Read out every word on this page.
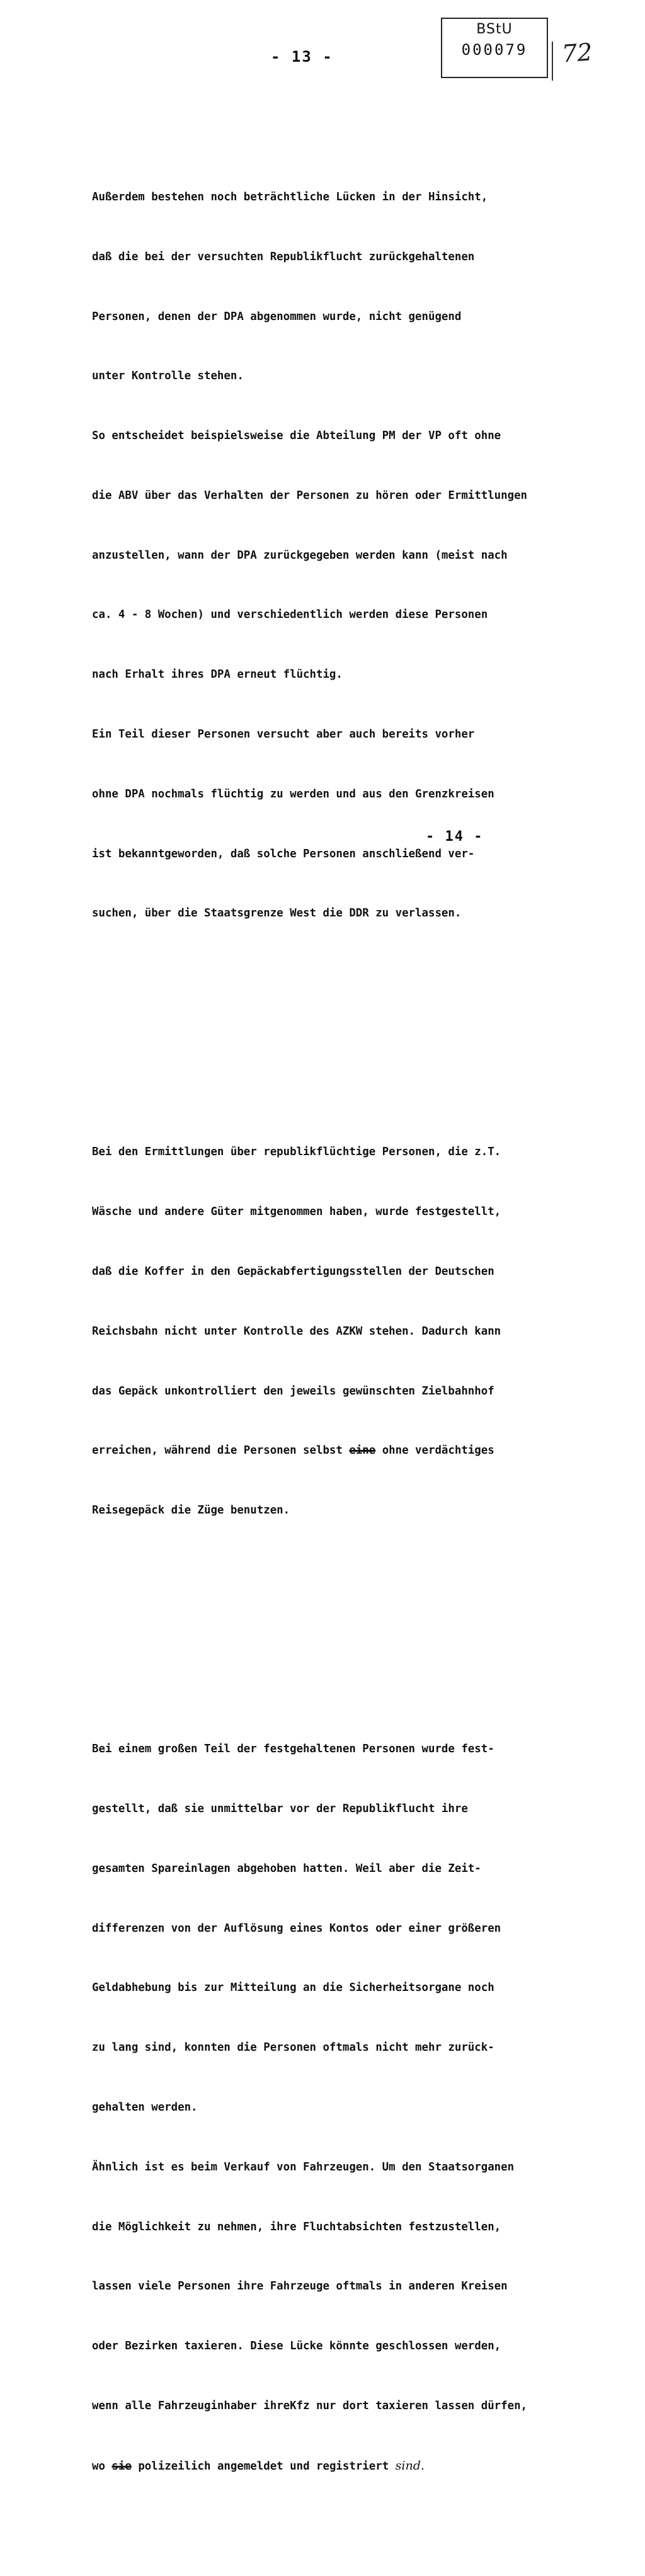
- 13 -
BStU
000079	72

Außerdem bestehen noch beträchtliche Lücken in der Hinsicht,

daß die bei der versuchten Republikflucht zurückgehaltenen

Personen, denen der DPA abgenommen wurde, nicht genügend

unter Kontrolle stehen.

So entscheidet beispielsweise die Abteilung PM der VP oft ohne

die ABV über das Verhalten der Personen zu hören oder Ermittlungen

anzustellen, wann der DPA zurückgegeben werden kann (meist nach

ca. 4 - 8 Wochen) und verschiedentlich werden diese Personen

nach Erhalt ihres DPA erneut flüchtig.

Ein Teil dieser Personen versucht aber auch bereits vorher

ohne DPA nochmals flüchtig zu werden und aus den Grenzkreisen

ist bekanntgeworden, daß solche Personen anschließend ver-

suchen, über die Staatsgrenze West die DDR zu verlassen.

Bei den Ermittlungen über republikflüchtige Personen, die z.T.

Wäsche und andere Güter mitgenommen haben, wurde festgestellt,

daß die Koffer in den Gepäckabfertigungsstellen der Deutschen

Reichsbahn nicht unter Kontrolle des AZKW stehen. Dadurch kann

das Gepäck unkontrolliert den jeweils gewünschten Zielbahnhof

erreichen, während die Personen selbst eine ohne verdächtiges

Reisegepäck die Züge benutzen.

Bei einem großen Teil der festgehaltenen Personen wurde fest-

gestellt, daß sie unmittelbar vor der Republikflucht ihre

gesamten Spareinlagen abgehoben hatten. Weil aber die Zeit-

differenzen von der Auflösung eines Kontos oder einer größeren

Geldabhebung bis zur Mitteilung an die Sicherheitsorgane noch

zu lang sind, konnten die Personen oftmals nicht mehr zurück-

gehalten werden.

Ähnlich ist es beim Verkauf von Fahrzeugen. Um den Staatsorganen

die Möglichkeit zu nehmen, ihre Fluchtabsichten festzustellen,

lassen viele Personen ihre Fahrzeuge oftmals in anderen Kreisen

oder Bezirken taxieren. Diese Lücke könnte geschlossen werden,

wenn alle Fahrzeuginhaber ihreKfz nur dort taxieren lassen dürfen,

wo sie polizeilich angemeldet und registriert sind.

- 14 -
